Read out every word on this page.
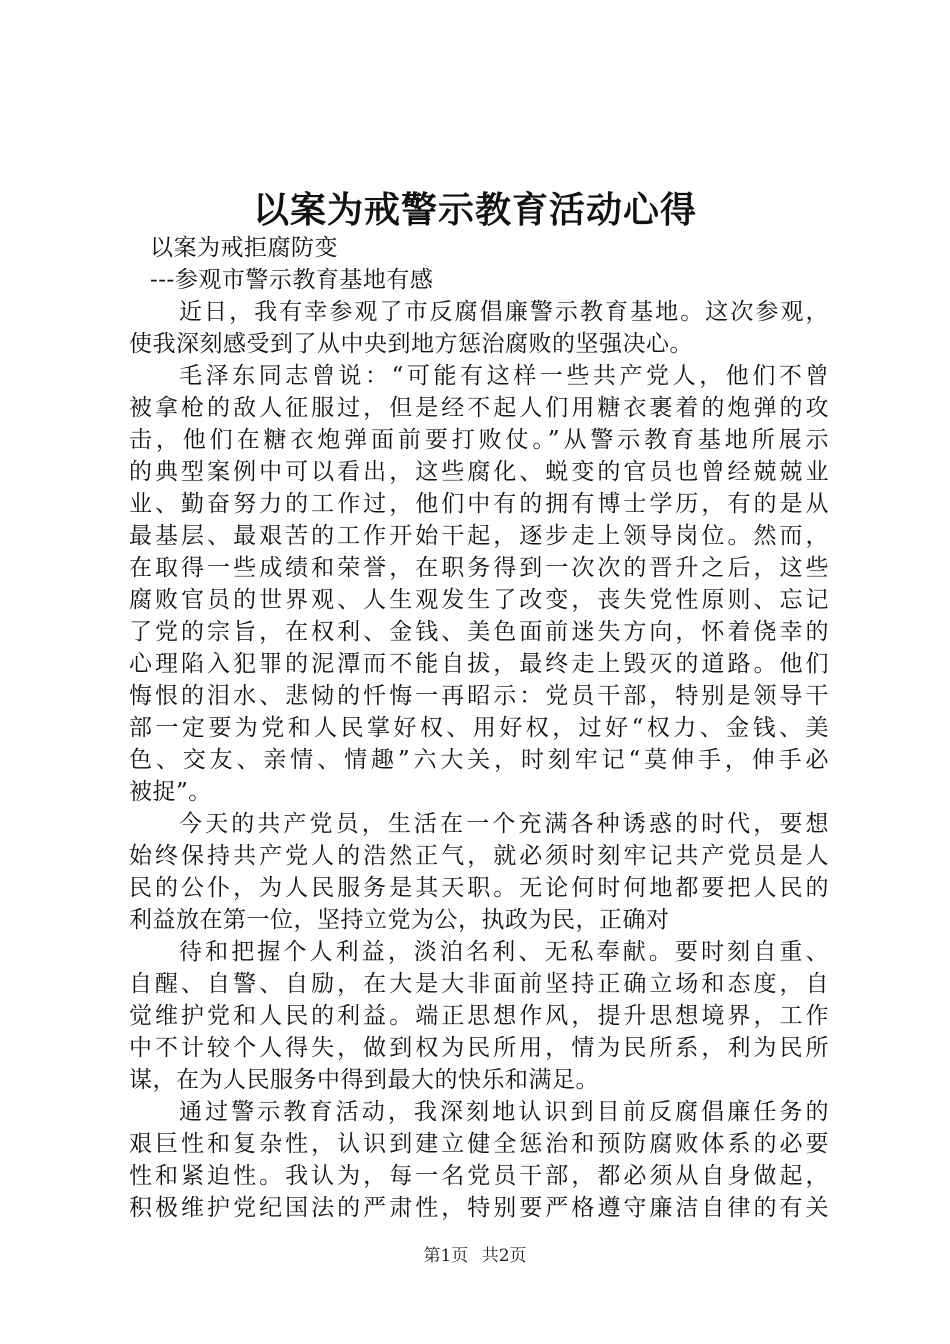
以案为戒警示教育活动心得

以案为戒拒腐防变

---参观市警示教育基地有感

近日，我有幸参观了市反腐倡廉警示教育基地。这次参观，

使我深刻感受到了从中央到地方惩治腐败的坚强决心。

毛泽东同志曾说：“可能有这样一些共产党人，他们不曾

被拿枪的敌人征服过，但是经不起人们用糖衣裹着的炮弹的攻

击，他们在糖衣炮弹面前要打败仗。”从警示教育基地所展示

的典型案例中可以看出，这些腐化、蜕变的官员也曾经兢兢业

业、勤奋努力的工作过，他们中有的拥有博士学历，有的是从

最基层、最艰苦的工作开始干起，逐步走上领导岗位。然而，

在取得一些成绩和荣誉，在职务得到一次次的晋升之后，这些

腐败官员的世界观、人生观发生了改变，丧失党性原则、忘记

了党的宗旨，在权利、金钱、美色面前迷失方向，怀着侥幸的

心理陷入犯罪的泥潭而不能自拔，最终走上毁灭的道路。他们

悔恨的泪水、悲恸的忏悔一再昭示：党员干部，特别是领导干

部一定要为党和人民掌好权、用好权，过好“权力、金钱、美

色、交友、亲情、情趣”六大关，时刻牢记“莫伸手，伸手必

被捉”。

今天的共产党员，生活在一个充满各种诱惑的时代，要想

始终保持共产党人的浩然正气，就必须时刻牢记共产党员是人

民的公仆，为人民服务是其天职。无论何时何地都要把人民的

利益放在第一位，坚持立党为公，执政为民，正确对

待和把握个人利益，淡泊名利、无私奉献。要时刻自重、

自醒、自警、自励，在大是大非面前坚持正确立场和态度，自

觉维护党和人民的利益。端正思想作风，提升思想境界，工作

中不计较个人得失，做到权为民所用，情为民所系，利为民所

谋，在为人民服务中得到最大的快乐和满足。

通过警示教育活动，我深刻地认识到目前反腐倡廉任务的

艰巨性和复杂性，认识到建立健全惩治和预防腐败体系的必要

性和紧迫性。我认为，每一名党员干部，都必须从自身做起，

积极维护党纪国法的严肃性，特别要严格遵守廉洁自律的有关

第1页 共2页
